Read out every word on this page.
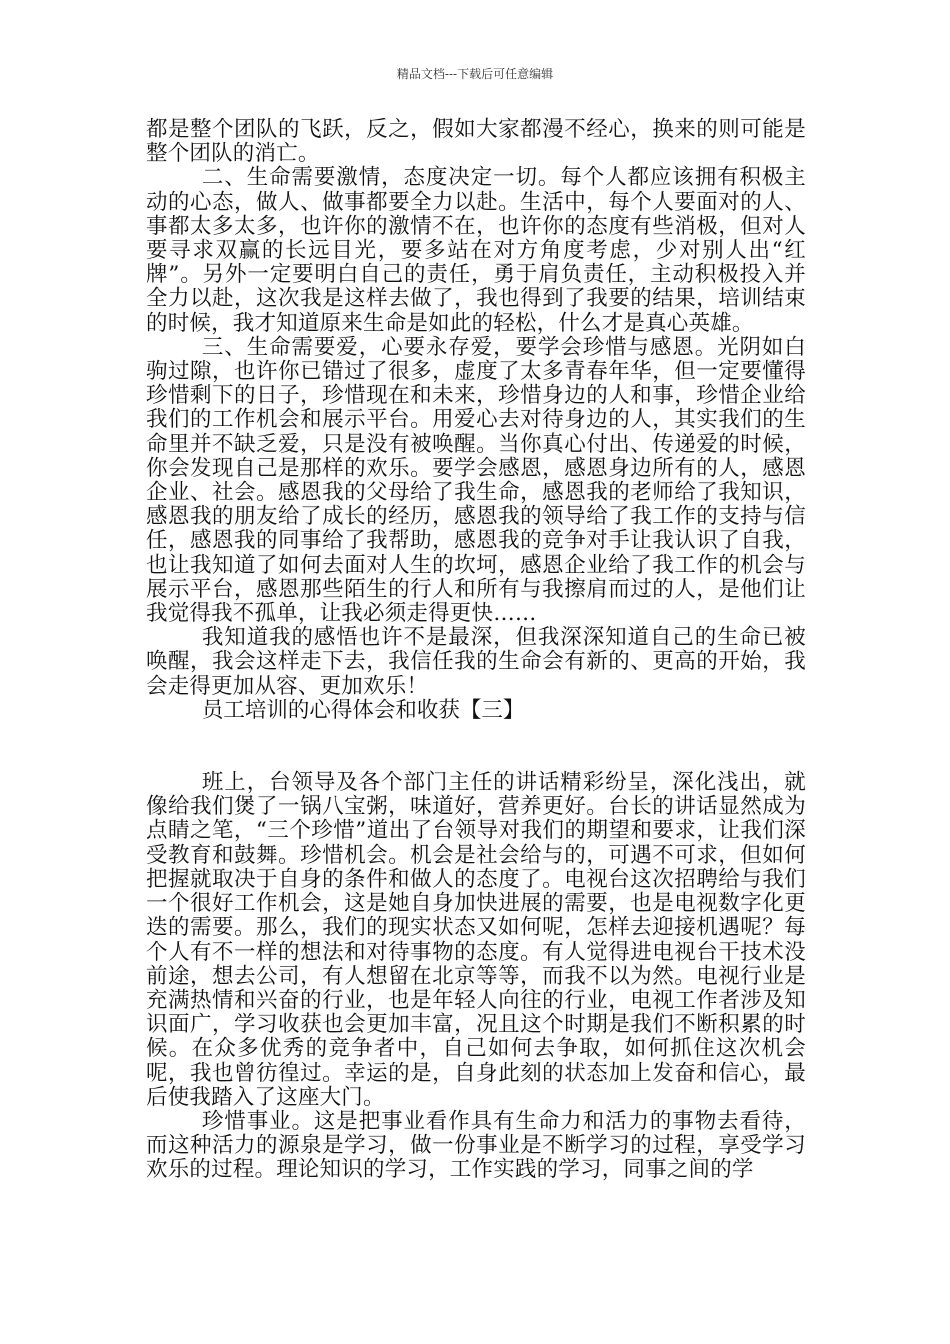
精品文档---下载后可任意编辑

都是整个团队的飞跃，反之，假如大家都漫不经心，换来的则可能是整个团队的消亡。

二、生命需要激情，态度决定一切。每个人都应该拥有积极主动的心态，做人、做事都要全力以赴。生活中，每个人要面对的人、事都太多太多，也许你的激情不在，也许你的态度有些消极，但对人要寻求双赢的长远目光，要多站在对方角度考虑，少对别人出“红牌”。另外一定要明白自己的责任，勇于肩负责任，主动积极投入并全力以赴，这次我是这样去做了，我也得到了我要的结果，培训结束的时候，我才知道原来生命是如此的轻松，什么才是真心英雄。

三、生命需要爱，心要永存爱，要学会珍惜与感恩。光阴如白驹过隙，也许你已错过了很多，虚度了太多青春年华，但一定要懂得珍惜剩下的日子，珍惜现在和未来，珍惜身边的人和事，珍惜企业给我们的工作机会和展示平台。用爱心去对待身边的人，其实我们的生命里并不缺乏爱，只是没有被唤醒。当你真心付出、传递爱的时候，你会发现自己是那样的欢乐。要学会感恩，感恩身边所有的人，感恩企业、社会。感恩我的父母给了我生命，感恩我的老师给了我知识，感恩我的朋友给了成长的经历，感恩我的领导给了我工作的支持与信任，感恩我的同事给了我帮助，感恩我的竞争对手让我认识了自我，也让我知道了如何去面对人生的坎坷，感恩企业给了我工作的机会与展示平台，感恩那些陌生的行人和所有与我擦肩而过的人，是他们让我觉得我不孤单，让我必须走得更快……

我知道我的感悟也许不是最深，但我深深知道自己的生命已被唤醒，我会这样走下去，我信任我的生命会有新的、更高的开始，我会走得更加从容、更加欢乐！

员工培训的心得体会和收获【三】

班上，台领导及各个部门主任的讲话精彩纷呈，深化浅出，就像给我们煲了一锅八宝粥，味道好，营养更好。台长的讲话显然成为点睛之笔，“三个珍惜”道出了台领导对我们的期望和要求，让我们深受教育和鼓舞。珍惜机会。机会是社会给与的，可遇不可求，但如何把握就取决于自身的条件和做人的态度了。电视台这次招聘给与我们一个很好工作机会，这是她自身加快进展的需要，也是电视数字化更迭的需要。那么，我们的现实状态又如何呢，怎样去迎接机遇呢？每个人有不一样的想法和对待事物的态度。有人觉得进电视台干技术没前途，想去公司，有人想留在北京等等，而我不以为然。电视行业是充满热情和兴奋的行业，也是年轻人向往的行业，电视工作者涉及知识面广，学习收获也会更加丰富，况且这个时期是我们不断积累的时候。在众多优秀的竞争者中，自己如何去争取，如何抓住这次机会呢，我也曾彷徨过。幸运的是，自身此刻的状态加上发奋和信心，最后使我踏入了这座大门。

珍惜事业。这是把事业看作具有生命力和活力的事物去看待，而这种活力的源泉是学习，做一份事业是不断学习的过程，享受学习欢乐的过程。理论知识的学习，工作实践的学习，同事之间的学
